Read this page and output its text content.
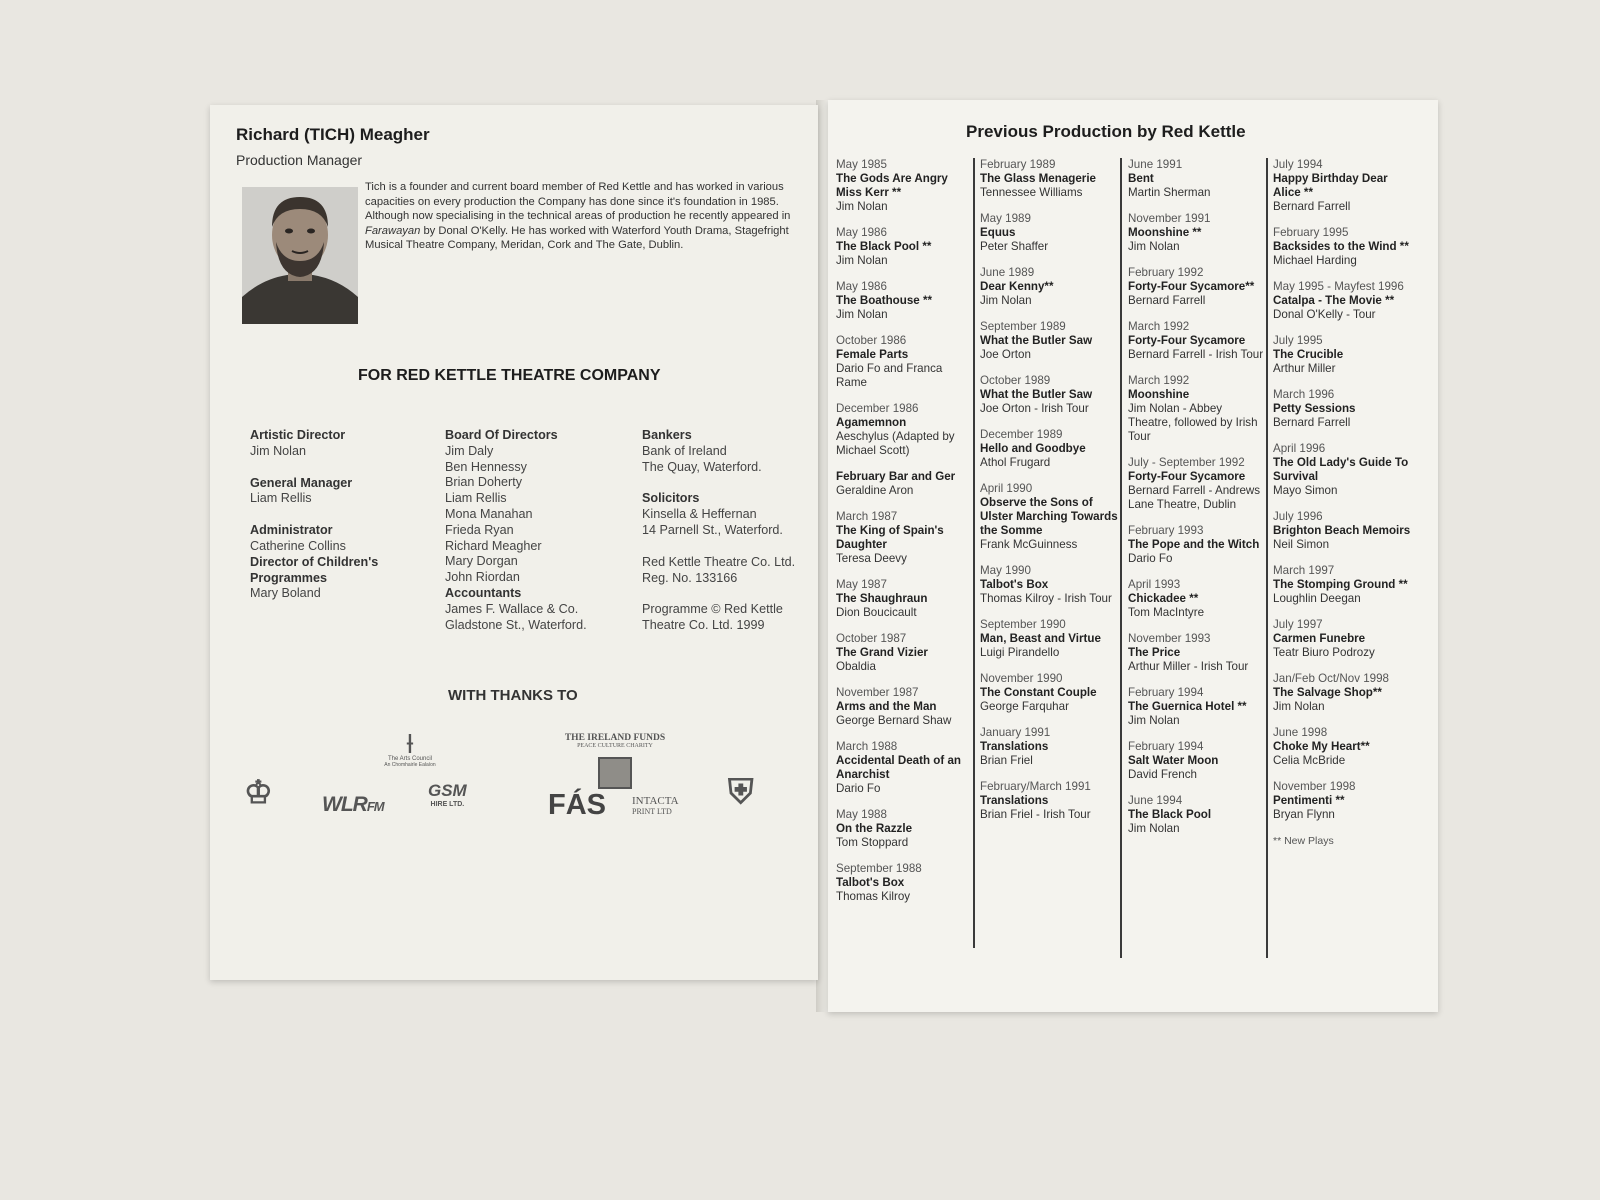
Richard (TICH) Meagher
Production Manager
Tich is a founder and current board member of Red Kettle and has worked in various capacities on every production the Company has done since it's foundation in 1985. Although now specialising in the technical areas of production he recently appeared in Farawayan by Donal O'Kelly. He has worked with Waterford Youth Drama, Stagefright Musical Theatre Company, Meridan, Cork and The Gate, Dublin.
FOR RED KETTLE THEATRE COMPANY
Artistic Director
Jim Nolan
General Manager
Liam Rellis
Administrator
Catherine Collins
Director of Children's Programmes
Mary Boland
Board Of Directors
Jim Daly
Ben Hennessy
Brian Doherty
Liam Rellis
Mona Manahan
Frieda Ryan
Richard Meagher
Mary Dorgan
John Riordan
Accountants
James F. Wallace & Co.
Gladstone St., Waterford.
Bankers
Bank of Ireland
The Quay, Waterford.
Solicitors
Kinsella & Heffernan
14 Parnell St., Waterford.
Red Kettle Theatre Co. Ltd.
Reg. No. 133166
Programme © Red Kettle
Theatre Co. Ltd. 1999
WITH THANKS TO
⟊
The Arts Council
An Chomhairle Ealaíon
THE IRELAND FUNDS
PEACE CULTURE CHARITY
♔ WLRFM
GSM
HIRE LTD.	FÁS INTACTA
PRINT LTD
⛨
Previous Production by Red Kettle
May 1985
The Gods Are Angry Miss Kerr **
Jim Nolan
May 1986
The Black Pool **
Jim Nolan
May 1986
The Boathouse **
Jim Nolan
October 1986
Female Parts
Dario Fo and Franca Rame
December 1986
Agamemnon
Aeschylus (Adapted by Michael Scott)
February Bar and Ger
Geraldine Aron
March 1987
The King of Spain's Daughter
Teresa Deevy
May 1987
The Shaughraun
Dion Boucicault
October 1987
The Grand Vizier
Obaldia
November 1987
Arms and the Man
George Bernard Shaw
March 1988
Accidental Death of an Anarchist
Dario Fo
May 1988
On the Razzle
Tom Stoppard
September 1988
Talbot's Box
Thomas Kilroy
February 1989
The Glass Menagerie
Tennessee Williams
May 1989
Equus
Peter Shaffer
June 1989
Dear Kenny**
Jim Nolan
September 1989
What the Butler Saw
Joe Orton
October 1989
What the Butler Saw
Joe Orton - Irish Tour
December 1989
Hello and Goodbye
Athol Frugard
April 1990
Observe the Sons of Ulster Marching Towards the Somme
Frank McGuinness
May 1990
Talbot's Box
Thomas Kilroy - Irish Tour
September 1990
Man, Beast and Virtue
Luigi Pirandello
November 1990
The Constant Couple
George Farquhar
January 1991
Translations
Brian Friel
February/March 1991
Translations
Brian Friel - Irish Tour
June 1991
Bent
Martin Sherman
November 1991
Moonshine **
Jim Nolan
February 1992
Forty-Four Sycamore**
Bernard Farrell
March 1992
Forty-Four Sycamore
Bernard Farrell - Irish Tour
March 1992
Moonshine
Jim Nolan - Abbey Theatre, followed by Irish Tour
July - September 1992
Forty-Four Sycamore
Bernard Farrell - Andrews Lane Theatre, Dublin
February 1993
The Pope and the Witch
Dario Fo
April 1993
Chickadee **
Tom MacIntyre
November 1993
The Price
Arthur Miller - Irish Tour
February 1994
The Guernica Hotel **
Jim Nolan
February 1994
Salt Water Moon
David French
June 1994
The Black Pool
Jim Nolan
July 1994
Happy Birthday Dear Alice **
Bernard Farrell
February 1995
Backsides to the Wind **
Michael Harding
May 1995 - Mayfest 1996
Catalpa - The Movie **
Donal O'Kelly - Tour
July 1995
The Crucible
Arthur Miller
March 1996
Petty Sessions
Bernard Farrell
April 1996
The Old Lady's Guide To Survival
Mayo Simon
July 1996
Brighton Beach Memoirs
Neil Simon
March 1997
The Stomping Ground **
Loughlin Deegan
July 1997
Carmen Funebre
Teatr Biuro Podrozy
Jan/Feb Oct/Nov 1998
The Salvage Shop**
Jim Nolan
June 1998
Choke My Heart**
Celia McBride
November 1998
Pentimenti **
Bryan Flynn
** New Plays
